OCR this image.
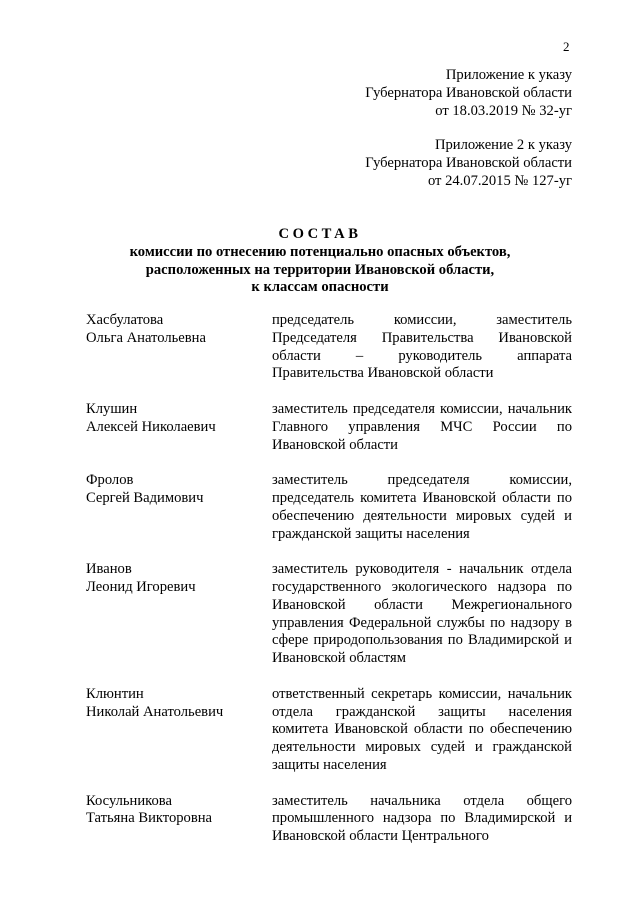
2
Приложение к указу
Губернатора Ивановской области
от 18.03.2019 № 32-уг
Приложение 2 к указу
Губернатора Ивановской области
от 24.07.2015 № 127-уг
СОСТАВ
комиссии по отнесению потенциально опасных объектов,
расположенных на территории Ивановской области,
к классам опасности
Хасбулатова
Ольга Анатольевна
председатель комиссии, заместитель Председателя Правительства Ивановской области – руководитель аппарата Правительства Ивановской области
Клушин
Алексей Николаевич
заместитель председателя комиссии, начальник Главного управления МЧС России по Ивановской области
Фролов
Сергей Вадимович
заместитель председателя комиссии, председатель комитета Ивановской области по обеспечению деятельности мировых судей и гражданской защиты населения
Иванов
Леонид Игоревич
заместитель руководителя - начальник отдела государственного экологического надзора по Ивановской области Межрегионального управления Федеральной службы по надзору в сфере природопользования по Владимирской и Ивановской областям
Клюнтин
Николай Анатольевич
ответственный секретарь комиссии, начальник отдела гражданской защиты населения комитета Ивановской области по обеспечению деятельности мировых судей и гражданской защиты населения
Косульникова
Татьяна Викторовна
заместитель начальника отдела общего промышленного надзора по Владимирской и Ивановской области Центрального
